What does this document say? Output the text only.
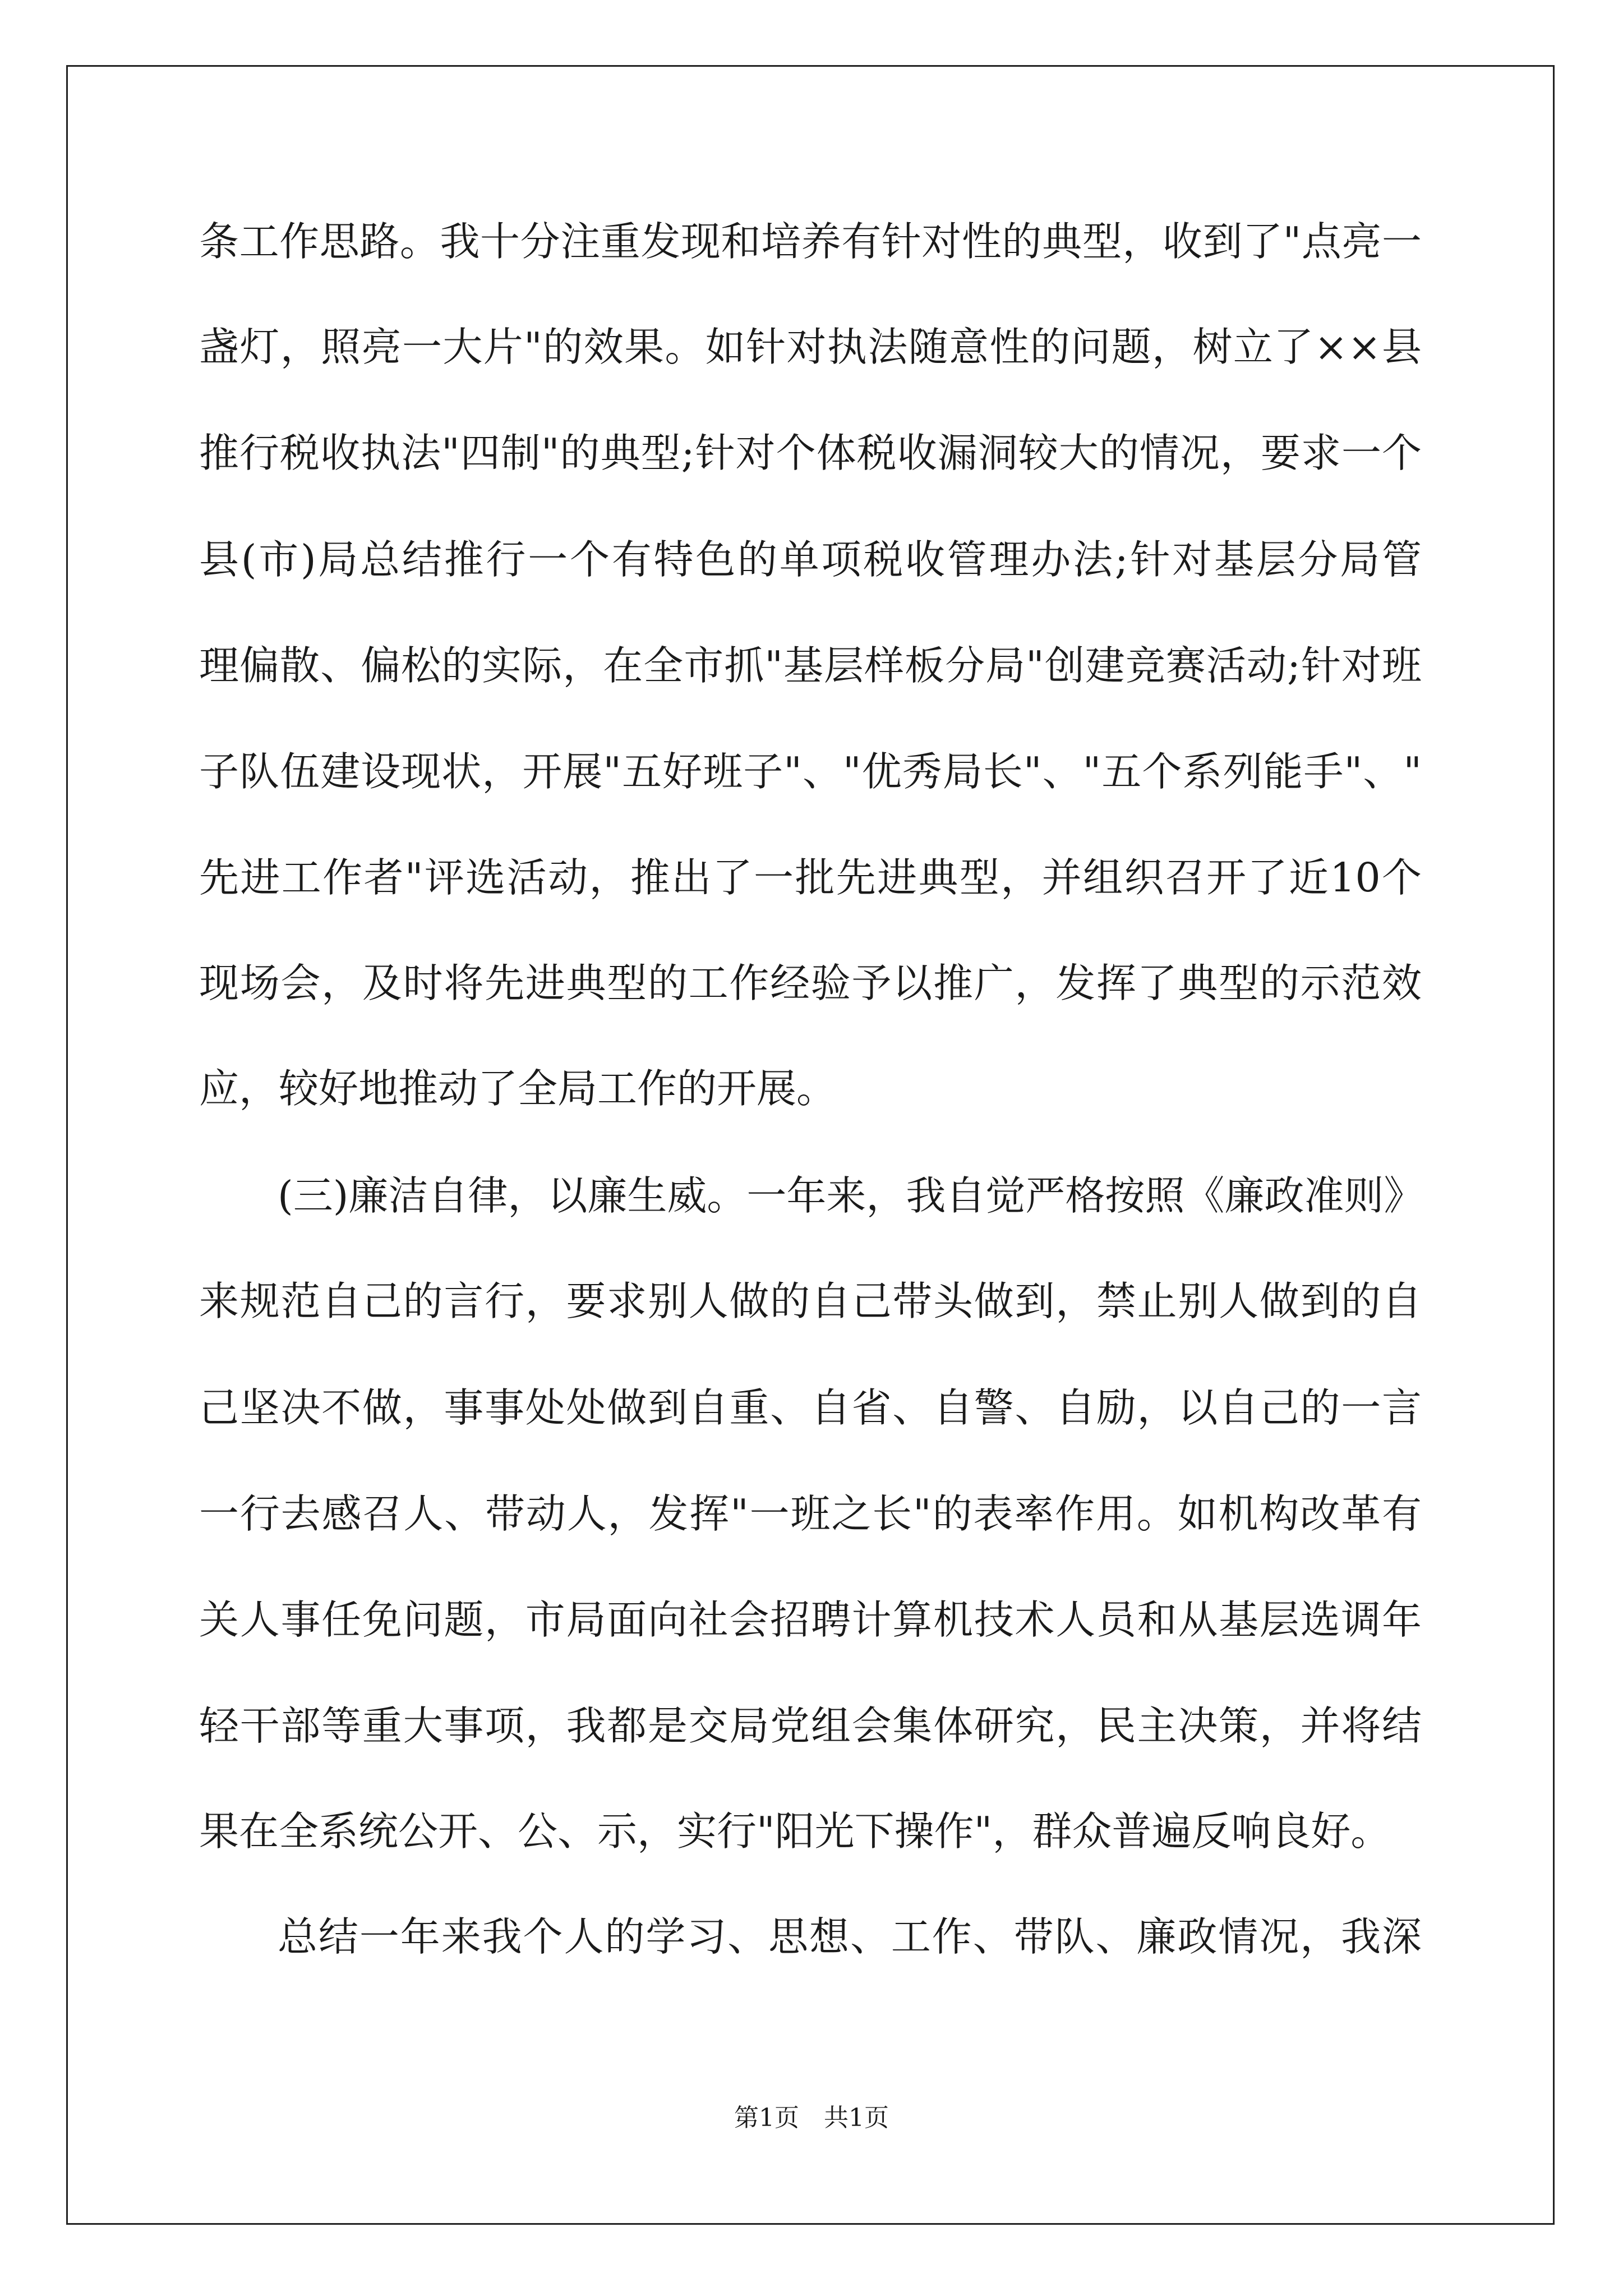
条工作思路。我十分注重发现和培养有针对性的典型，收到了"点亮一

盏灯，照亮一大片"的效果。如针对执法随意性的问题，树立了××县

推行税收执法"四制"的典型;针对个体税收漏洞较大的情况，要求一个

县(市)局总结推行一个有特色的单项税收管理办法;针对基层分局管

理偏散、偏松的实际，在全市抓"基层样板分局"创建竞赛活动;针对班

子队伍建设现状，开展"五好班子"、"优秀局长"、"五个系列能手"、"

先进工作者"评选活动，推出了一批先进典型，并组织召开了近10个

现场会，及时将先进典型的工作经验予以推广，发挥了典型的示范效

应，较好地推动了全局工作的开展。

(三)廉洁自律，以廉生威。一年来，我自觉严格按照《廉政准则》

来规范自己的言行，要求别人做的自己带头做到，禁止别人做到的自

己坚决不做，事事处处做到自重、自省、自警、自励，以自己的一言

一行去感召人、带动人，发挥"一班之长"的表率作用。如机构改革有

关人事任免问题，市局面向社会招聘计算机技术人员和从基层选调年

轻干部等重大事项，我都是交局党组会集体研究，民主决策，并将结

果在全系统公开、公、示，实行"阳光下操作"，群众普遍反响良好。

总结一年来我个人的学习、思想、工作、带队、廉政情况，我深

第1页　共1页
